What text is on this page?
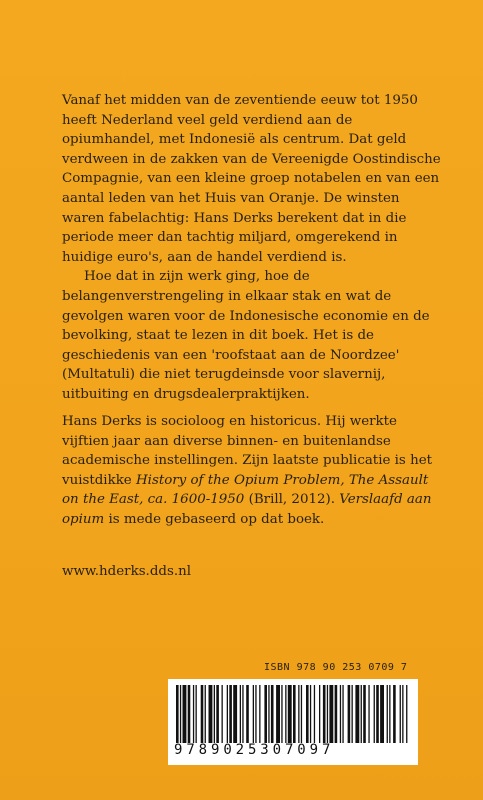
Vanaf het midden van de zeventiende eeuw tot 1950 heeft Nederland veel geld verdiend aan de opiumhandel, met Indonesië als centrum. Dat geld verdween in de zakken van de Vereenigde Oostindische Compagnie, van een kleine groep notabelen en van een aantal leden van het Huis van Oranje. De winsten waren fabelachtig: Hans Derks berekent dat in die periode meer dan tachtig miljard, omgerekend in huidige euro's, aan de handel verdiend is.

Hoe dat in zijn werk ging, hoe de belangenverstrengeling in elkaar stak en wat de gevolgen waren voor de Indonesische economie en de bevolking, staat te lezen in dit boek. Het is de geschiedenis van een 'roofstaat aan de Noordzee' (Multatuli) die niet terugdeinsde voor slavernij, uitbuiting en drugsdealerpraktijken.

Hans Derks is socioloog en historicus. Hij werkte vijftien jaar aan diverse binnen- en buitenlandse academische instellingen. Zijn laatste publicatie is het vuistdikke History of the Opium Problem, The Assault on the East, ca. 1600-1950 (Brill, 2012). Verslaafd aan opium is mede gebaseerd op dat boek.

www.hderks.dds.nl
ISBN 978 90 253 0709 7
9789025307097
